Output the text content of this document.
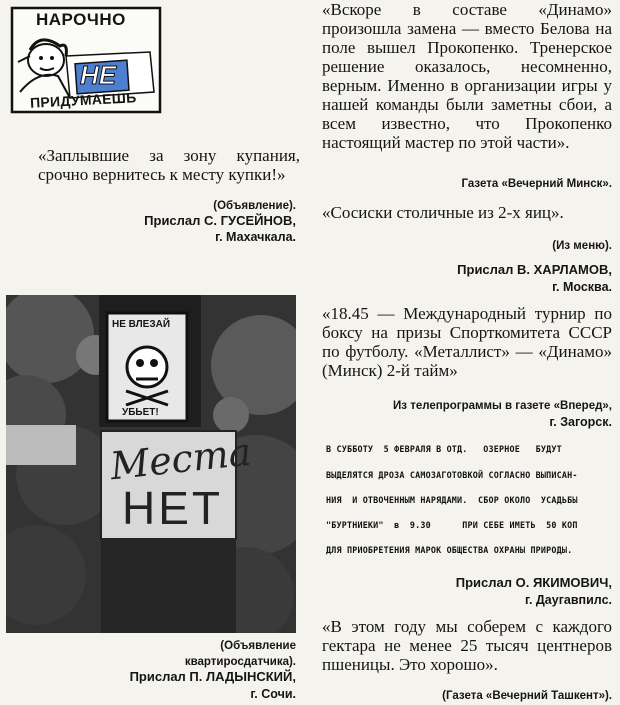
НАРОЧНО
НЕ
ПРИДУМАЕШЬ
«Заплывшие за зону купания, срочно вернитесь к месту купки!»
(Объявление).
Прислал С. ГУСЕЙНОВ,
г. Махачкала.
НЕ ВЛЕЗАЙ
УБЬЕТ!
Места
НЕТ
(Объявление
квартиросдатчика).
Прислал П. ЛАДЫНСКИЙ,
г. Сочи.
«Вскоре в составе «Динамо» произошла замена — вместо Белова на поле вышел Прокопенко. Тренерское решение оказалось, несомненно, верным. Именно в организации игры у нашей команды были заметны сбои, а всем известно, что Прокопенко настоящий мастер по этой части».
Газета «Вечерний Минск».
«Сосиски столичные из 2-х яиц».
(Из меню).
Прислал В. ХАРЛАМОВ,
г. Москва.
«18.45 — Международный турнир по боксу на призы Спорткомитета СССР по футболу. «Металлист» — «Динамо» (Минск) 2-й тайм»
Из телепрограммы в газете «Вперед»,
г. Загорск.
В СУББОТУ  5 ФЕВРАЛЯ В ОТД.   ОЗЕРНОЕ   БУДУТ
ВЫДЕЛЯТСЯ ДРОЗА САМОЗАГОТОВКОЙ СОГЛАСНО ВЫПИСАН-
НИЯ  И ОТВОЧЕННЫМ НАРЯДАМИ.  СБОР ОКОЛО  УСАДЬБЫ
"БУРТНИЕКИ"  в  9.30      ПРИ СЕБЕ ИМЕТЬ  50 КОП
ДЛЯ ПРИОБРЕТЕНИЯ МАРОК ОБЩЕСТВА ОХРАНЫ ПРИРОДЫ.
Прислал О. ЯКИМОВИЧ,
г. Даугавпилс.
«В этом году мы соберем с каждого гектара не менее 25 тысяч центнеров пшеницы. Это хорошо».
(Газета «Вечерний Ташкент»).
